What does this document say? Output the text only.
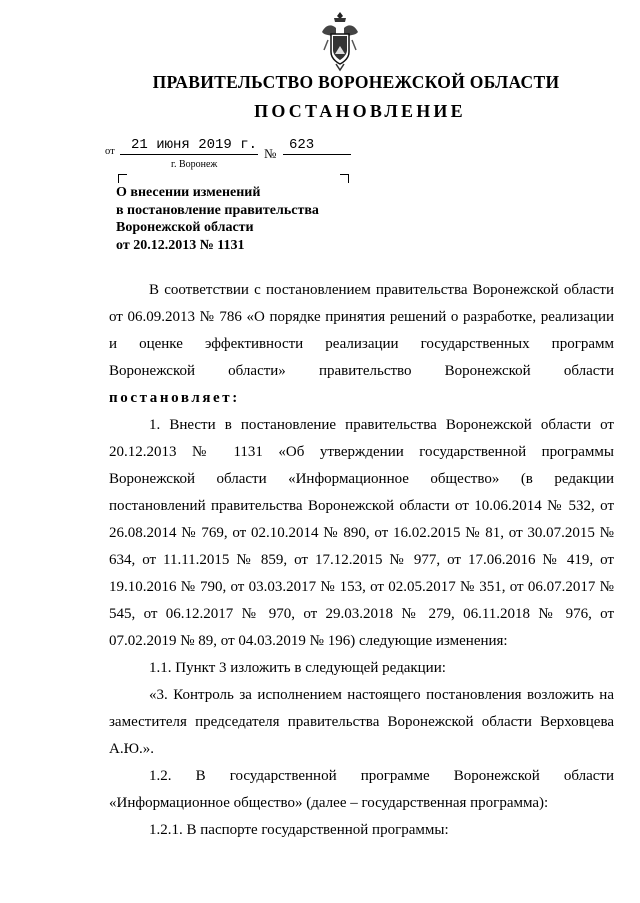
ПРАВИТЕЛЬСТВО ВОРОНЕЖСКОЙ ОБЛАСТИ
ПОСТАНОВЛЕНИЕ
от 21 июня 2019 г.
№
623
г. Воронеж
О внесении изменений
в постановление правительства
Воронежской области
от 20.12.2013 № 1131

В соответствии с постановлением правительства Воронежской области

от 06.09.2013 № 786 «О порядке принятия решений о разработке, реализации

и оценке эффективности реализации государственных программ

Воронежской области» правительство Воронежской области

постановляет:

1. Внести в постановление правительства Воронежской области от 20.12.2013 № 1131 «Об утверждении государственной программы Воронежской области «Информационное общество» (в редакции постановлений правительства Воронежской области от 10.06.2014 № 532, от 26.08.2014 № 769, от 02.10.2014 № 890, от 16.02.2015 № 81, от 30.07.2015 № 634, от 11.11.2015 № 859, от 17.12.2015 № 977, от 17.06.2016 № 419, от 19.10.2016 № 790, от 03.03.2017 № 153, от 02.05.2017 № 351, от 06.07.2017 № 545, от 06.12.2017 № 970, от 29.03.2018 № 279, 06.11.2018 № 976, от 07.02.2019 № 89, от 04.03.2019 № 196) следующие изменения:

1.1. Пункт 3 изложить в следующей редакции:

«3. Контроль за исполнением настоящего постановления возложить на заместителя председателя правительства Воронежской области Верховцева А.Ю.».

1.2. В государственной программе Воронежской области «Информационное общество» (далее – государственная программа):

1.2.1. В паспорте государственной программы:
